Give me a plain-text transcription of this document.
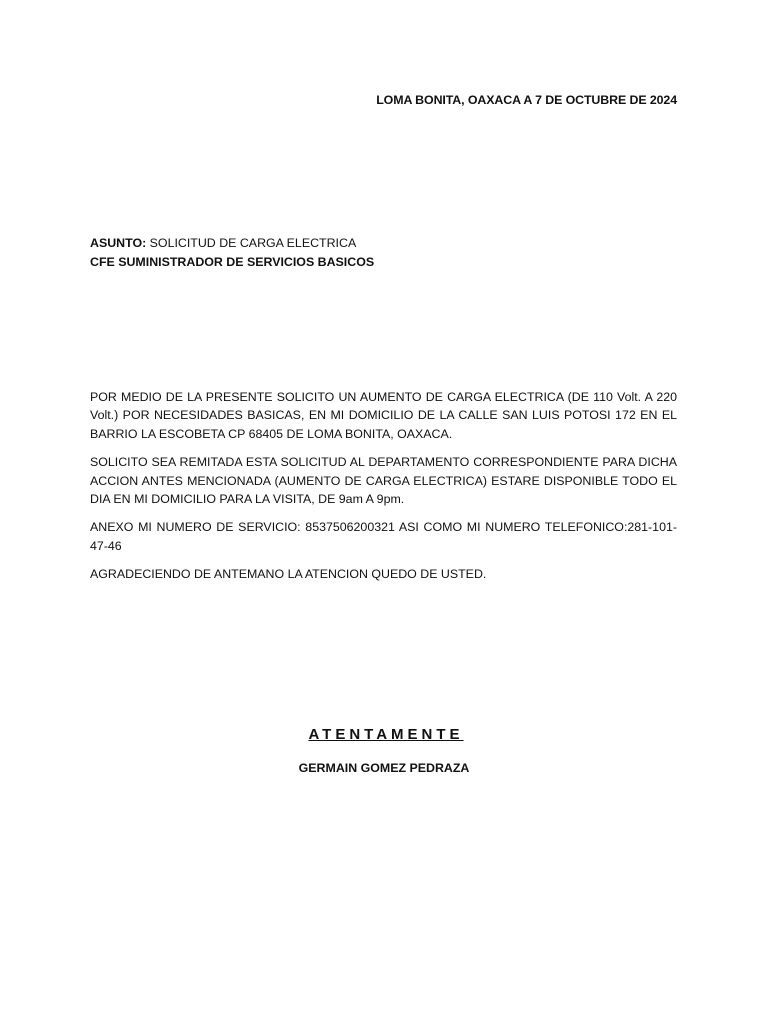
LOMA BONITA, OAXACA A 7 DE OCTUBRE DE 2024
ASUNTO: SOLICITUD DE CARGA ELECTRICA
CFE SUMINISTRADOR DE SERVICIOS BASICOS

POR MEDIO DE LA PRESENTE SOLICITO UN AUMENTO DE CARGA ELECTRICA (DE 110 Volt. A 220 Volt.) POR NECESIDADES BASICAS, EN MI DOMICILIO DE LA CALLE SAN LUIS POTOSI 172 EN EL BARRIO LA ESCOBETA CP 68405 DE LOMA BONITA, OAXACA.

SOLICITO SEA REMITADA ESTA SOLICITUD AL DEPARTAMENTO CORRESPONDIENTE PARA DICHA ACCION ANTES MENCIONADA (AUMENTO DE CARGA ELECTRICA) ESTARE DISPONIBLE TODO EL DIA EN MI DOMICILIO PARA LA VISITA, DE 9am A 9pm.

ANEXO MI NUMERO DE SERVICIO: 8537506200321 ASI COMO MI NUMERO TELEFONICO:281-101-47-46

AGRADECIENDO DE ANTEMANO LA ATENCION QUEDO DE USTED.

ATENTAMENTE
GERMAIN GOMEZ PEDRAZA
